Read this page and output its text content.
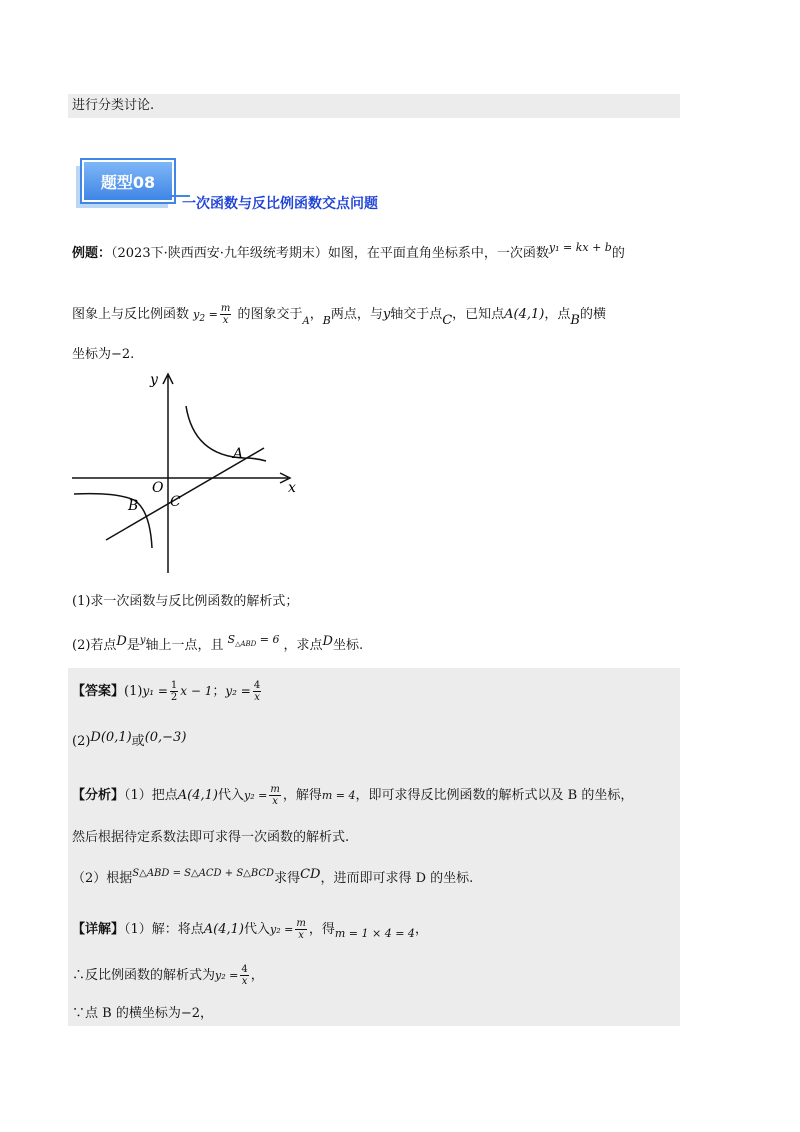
进行分类讨论.
题型08
一次函数与反比例函数交点问题
例题：（2023下·陕西西安·九年级统考期末）如图，在平面直角坐标系中，一次函数$^{y_1 = kx + b}$的
图象上与反比例函数 $y_2 = \frac{m}{x}$ 的图象交于$_A$，$_B$两点，与y轴交于点C，已知点A(4,1)，点B的横
坐标为−2.
y
x
O
A
B C
(1)求一次函数与反比例函数的解析式；
(2)若点D是$^y$轴上一点，且 $^{S_{\triangle ABD} = 6}$ ，求点D坐标.
【答案】$(1)y_1 = \frac{1}{2}$ x − 1；$y_2 = \frac{4}{x}$
(2)D(0,1)或(0,−3)
【分析】（1）把点A(4,1)代入$y_2 = \frac{m}{x}$ ，解得m = 4，即可求得反比例函数的解析式以及 B 的坐标，
然后根据待定系数法即可求得一次函数的解析式.
（2）根据$^{S\triangle ABD = S\triangle ACD + S\triangle BCD}$求得CD，进而即可求得 D 的坐标.
【详解】（1）解：将点A(4,1)代入$y_2 = \frac{m}{x}$ ，得$_{m = 1 \times 4 = 4}$，
∴反比例函数的解析式为$y_2 = \frac{4}{x}$ ，
∵点 B 的横坐标为−2，
